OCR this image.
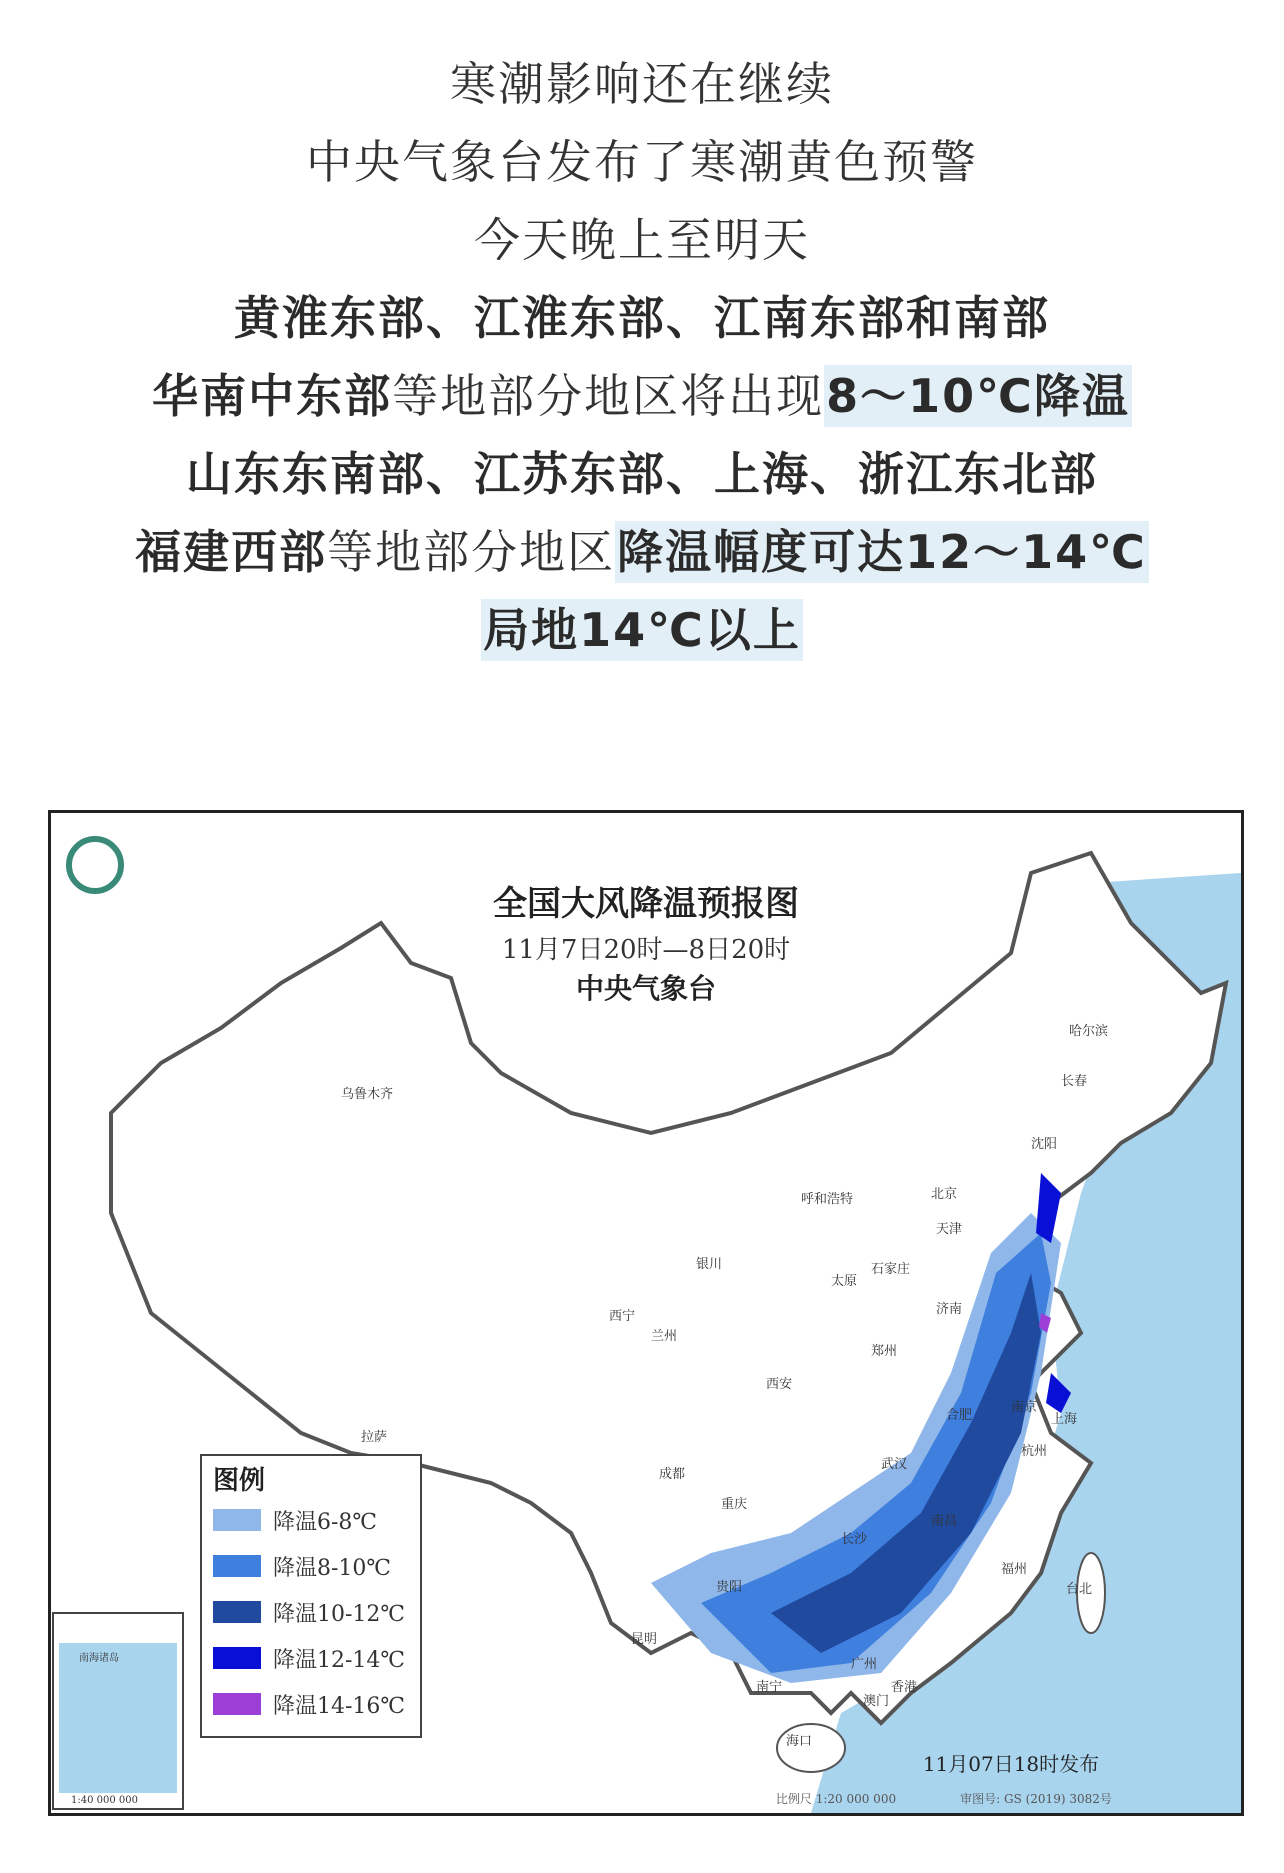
寒潮影响还在继续
中央气象台发布了寒潮黄色预警
今天晚上至明天
黄淮东部、江淮东部、江南东部和南部
华南中东部等地部分地区将出现8～10℃降温
山东东南部、江苏东部、上海、浙江东北部
福建西部等地部分地区降温幅度可达12～14℃
局地14℃以上
全国大风降温预报图
11月7日20时—8日20时
中央气象台
乌鲁木齐
哈尔滨
长春
沈阳
呼和浩特	北京
天津
石家庄
太原
济南
银川
西宁
兰州
郑州
西安
南京
上海
合肥
杭州
武汉
成都
重庆
长沙
南昌
福州
台北
贵阳
昆明
南宁
广州
香港
澳门
海口
拉萨
图例
降温6-8℃
降温8-10℃
降温10-12℃
降温12-14℃
降温14-16℃
南海诸岛
1:40 000 000
11月07日18时发布
比例尺 1:20 000 000	审图号: GS (2019) 3082号
